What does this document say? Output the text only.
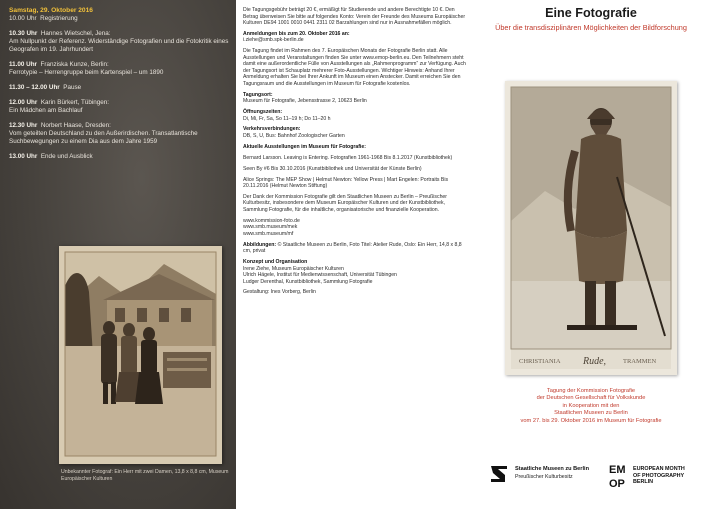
Samstag, 29. Oktober 2016
10.00 Uhr Registrierung
10.30 Uhr Hannes Wietschel, Jena:
Am Nullpunkt der Referenz. Widerständige Fotografien und die Fotokritik eines Geografen im 19. Jahrhundert
11.00 Uhr Franziska Kunze, Berlin:
Ferrotypie – Herrengruppe beim Kartenspiel – um 1890
11.30 – 12.00 Uhr Pause
12.00 Uhr Karin Bürkert, Tübingen:
Ein Mädchen am Bachlauf
12.30 Uhr Norbert Haase, Dresden:
Vom geteilten Deutschland zu den Außerirdischen. Transatlantische Suchbewegungen zu einem Dia aus dem Jahre 1959
13.00 Uhr Ende und Ausblick
Unbekannter Fotograf: Ein Herr mit zwei Damen, 13,8 x 8,8 cm, Museum Europäischer Kulturen

Die Tagungsgebühr beträgt 20 €, ermäßigt für Studierende und andere Berechtigte 10 €. Den Betrag überweisen Sie bitte auf folgendes Konto: Verein der Freunde des Museums Europäischer Kulturen DE94 1001 0010 0441 2311 02 Barzahlungen sind nur in Ausnahmefällen möglich.

Anmeldungen bis zum 20. Oktober 2016 an:

i.ziehe@smb.spk-berlin.de

Die Tagung findet im Rahmen des 7. Europäischen Monats der Fotografie Berlin statt. Alle Ausstellungen und Veranstaltungen finden Sie unter www.emop-berlin.eu. Den Teilnehmern steht damit eine außerordentliche Fülle von Ausstellungen als „Rahmenprogramm“ zur Verfügung. Auch der Tagungsort ist Schauplatz mehrerer Foto-Ausstellungen. Wichtiger Hinweis: Anhand Ihrer Anmeldung erhalten Sie bei Ihrer Ankunft im Museum einen Anstecker. Damit erreichen Sie den Tagungsraum und die Ausstellungen im Museum für Fotografie kostenlos.

Tagungsort:

Museum für Fotografie, Jebensstrasse 2, 10623 Berlin

Öffnungszeiten:

Di, Mi, Fr, Sa, So 11–19 h; Do 11–20 h

Verkehrsverbindungen:

DB, S, U, Bus: Bahnhof Zoologischer Garten

Aktuelle Ausstellungen im Museum für Fotografie:

Bernard Larsson. Leaving is Entering. Fotografien 1961-1968 Bis 8.1.2017 (Kunstbibliothek)

Seen By #6 Bis 30.10.2016 (Kunstbibliothek und Universität der Künste Berlin)

Alice Springs: The MEP Show | Helmut Newton: Yellow Press | Mart Engelen: Portraits Bis 20.11.2016 (Helmut Newton Stiftung)

Der Dank der Kommission Fotografie gilt den Staatlichen Museen zu Berlin – Preußischer Kulturbesitz, insbesondere dem Museum Europäischer Kulturen und der Kunstbibliothek, Sammlung Fotografie, für die inhaltliche, organisatorische und finanzielle Kooperation.

www.kommission-foto.de

www.smb.museum/mek

www.smb.museum/mf

Abbildungen: © Staatliche Museen zu Berlin, Foto Titel: Atelier Rude, Oslo: Ein Herr, 14,8 x 8,8 cm, privat

Konzept und Organisation

Irene Ziehe, Museum Europäischer Kulturen

Ulrich Hägele, Institut für Medienwissenschaft, Universität Tübingen

Ludger Derenthal, Kunstbibliothek, Sammlung Fotografie

Gestaltung: Ines Vorberg, Berlin

Eine Fotografie
Über die transdisziplinären Möglichkeiten der Bildforschung
CHRISTIANIA Rude,	TRAMMEN
Tagung der Kommission Fotografie
der Deutschen Gesellschaft für Volkskunde
in Kooperation mit den
Staatlichen Museen zu Berlin
vom 27. bis 29. Oktober 2016 im Museum für Fotografie
Staatliche Museen zu Berlin
Preußischer Kulturbesitz
EM
OP
EUROPEAN MONTH
OF PHOTOGRAPHY
BERLIN
